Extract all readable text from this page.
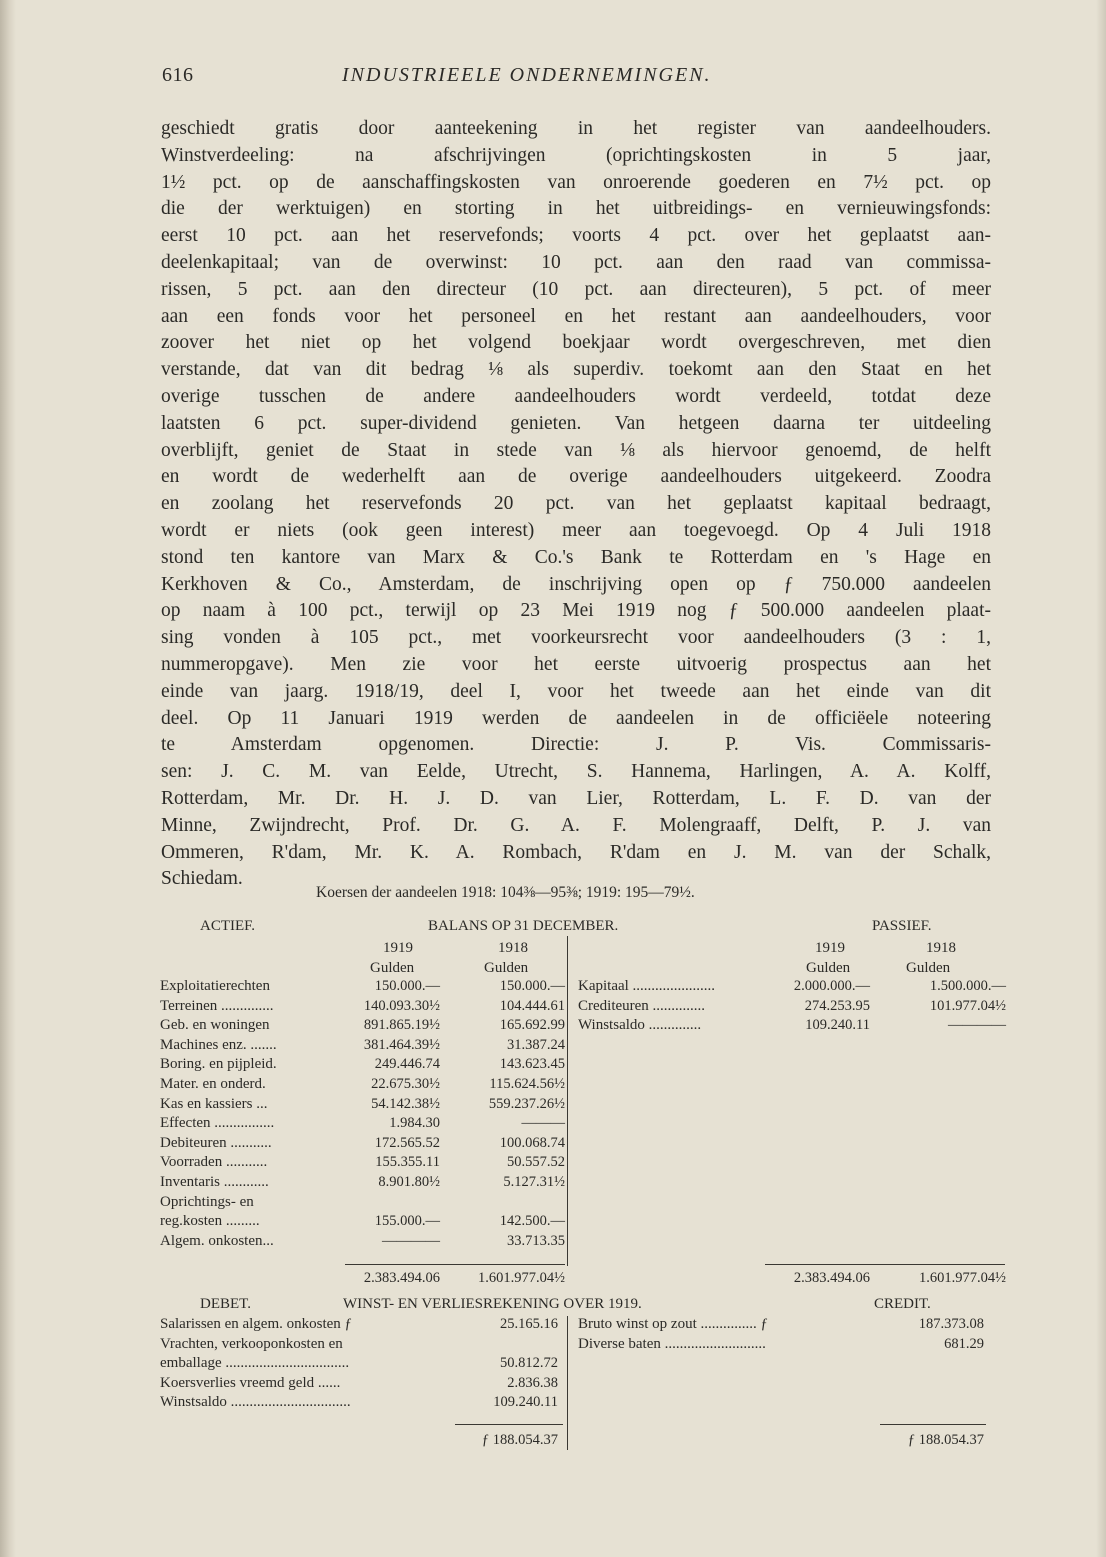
616	INDUSTRIEELE ONDERNEMINGEN.
geschiedt gratis door aanteekening in het register van aandeelhouders.
Winstverdeeling: na afschrijvingen (oprichtingskosten in 5 jaar,
1½ pct. op de aanschaffingskosten van onroerende goederen en 7½ pct. op
die der werktuigen) en storting in het uitbreidings- en vernieuwingsfonds:
eerst 10 pct. aan het reservefonds; voorts 4 pct. over het geplaatst aan-
deelenkapitaal; van de overwinst: 10 pct. aan den raad van commissa-
rissen, 5 pct. aan den directeur (10 pct. aan directeuren), 5 pct. of meer
aan een fonds voor het personeel en het restant aan aandeelhouders, voor
zoover het niet op het volgend boekjaar wordt overgeschreven, met dien
verstande, dat van dit bedrag ⅛ als superdiv. toekomt aan den Staat en het
overige tusschen de andere aandeelhouders wordt verdeeld, totdat deze
laatsten 6 pct. super-dividend genieten. Van hetgeen daarna ter uitdeeling
overblijft, geniet de Staat in stede van ⅛ als hiervoor genoemd, de helft
en wordt de wederhelft aan de overige aandeelhouders uitgekeerd. Zoodra
en zoolang het reservefonds 20 pct. van het geplaatst kapitaal bedraagt,
wordt er niets (ook geen interest) meer aan toegevoegd. Op 4 Juli 1918
stond ten kantore van Marx & Co.'s Bank te Rotterdam en 's Hage en
Kerkhoven & Co., Amsterdam, de inschrijving open op ƒ 750.000 aandeelen
op naam à 100 pct., terwijl op 23 Mei 1919 nog ƒ 500.000 aandeelen plaat-
sing vonden à 105 pct., met voorkeursrecht voor aandeelhouders (3 : 1,
nummeropgave). Men zie voor het eerste uitvoerig prospectus aan het
einde van jaarg. 1918/19, deel I, voor het tweede aan het einde van dit
deel. Op 11 Januari 1919 werden de aandeelen in de officiëele noteering
te Amsterdam opgenomen. Directie: J. P. Vis. Commissaris-
sen: J. C. M. van Eelde, Utrecht, S. Hannema, Harlingen, A. A. Kolff,
Rotterdam, Mr. Dr. H. J. D. van Lier, Rotterdam, L. F. D. van der
Minne, Zwijndrecht, Prof. Dr. G. A. F. Molengraaff, Delft, P. J. van
Ommeren, R'dam, Mr. K. A. Rombach, R'dam en J. M. van der Schalk,
Schiedam.
Koersen der aandeelen 1918: 104⅜—95⅜; 1919: 195—79½.
ACTIEF.	BALANS OP 31 DECEMBER.	PASSIEF.
1919	1918
Gulden	Gulden
1919	1918
Gulden	Gulden
Exploitatierechten	150.000.—	150.000.—
Terreinen ..............	140.093.30½	104.444.61
Geb. en woningen	891.865.19½	165.692.99
Machines enz. .......	381.464.39½	31.387.24
Boring. en pijpleid.	249.446.74	143.623.45
Mater. en onderd.	22.675.30½	115.624.56½
Kas en kassiers ...	54.142.38½	559.237.26½
Effecten ................	1.984.30	———
Debiteuren ...........	172.565.52	100.068.74
Voorraden ...........	155.355.11	50.557.52
Inventaris ............	8.901.80½	5.127.31½
Oprichtings- en
reg.kosten .........	155.000.—	142.500.—
Algem. onkosten...	————	33.713.35
Kapitaal ......................	2.000.000.—	1.500.000.—
Crediteuren ..............	274.253.95	101.977.04½
Winstsaldo ..............	109.240.11	————
2.383.494.06	1.601.977.04½	2.383.494.06	1.601.977.04½
DEBET.	WINST- EN VERLIESREKENING OVER 1919.	CREDIT.
Salarissen en algem. onkosten ƒ	25.165.16
Vrachten, verkooponkosten en
emballage .................................	50.812.72
Koersverlies vreemd geld ......	2.836.38
Winstsaldo ................................	109.240.11
Bruto winst op zout ............... ƒ	187.373.08
Diverse baten ...........................	681.29
ƒ 188.054.37	ƒ 188.054.37
